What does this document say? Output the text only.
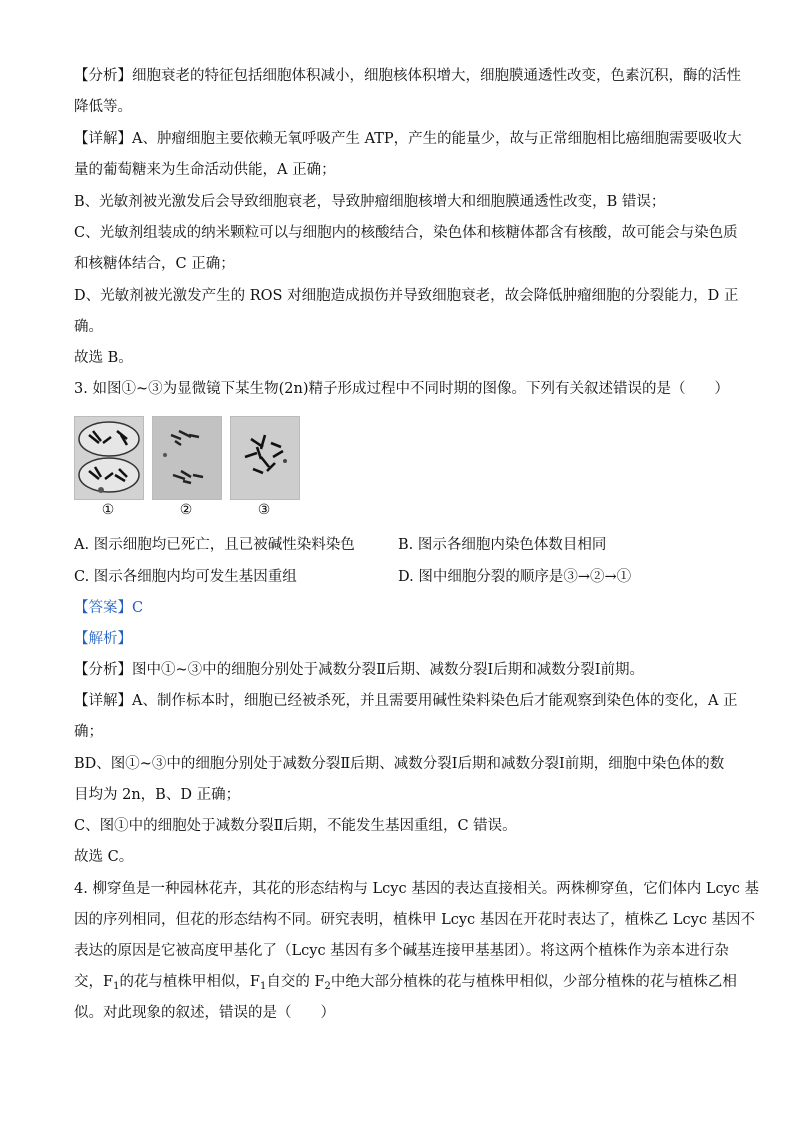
【分析】细胞衰老的特征包括细胞体积减小，细胞核体积增大，细胞膜通透性改变，色素沉积，酶的活性
降低等。
【详解】A、肿瘤细胞主要依赖无氧呼吸产生 ATP，产生的能量少，故与正常细胞相比癌细胞需要吸收大
量的葡萄糖来为生命活动供能，A 正确；
B、光敏剂被光激发后会导致细胞衰老，导致肿瘤细胞核增大和细胞膜通透性改变，B 错误；
C、光敏剂组装成的纳米颗粒可以与细胞内的核酸结合，染色体和核糖体都含有核酸，故可能会与染色质
和核糖体结合，C 正确；
D、光敏剂被光激发产生的 ROS 对细胞造成损伤并导致细胞衰老，故会降低肿瘤细胞的分裂能力，D 正
确。
故选 B。
3. 如图①~③为显微镜下某生物(2n)精子形成过程中不同时期的图像。下列有关叙述错误的是（　　）
①	②	③
A. 图示细胞均已死亡，且已被碱性染料染色	B. 图示各细胞内染色体数目相同
C. 图示各细胞内均可发生基因重组	D. 图中细胞分裂的顺序是③→②→①
【答案】C
【解析】
【分析】图中①~③中的细胞分别处于减数分裂Ⅱ后期、减数分裂Ⅰ后期和减数分裂Ⅰ前期。
【详解】A、制作标本时，细胞已经被杀死，并且需要用碱性染料染色后才能观察到染色体的变化，A 正
确；
BD、图①~③中的细胞分别处于减数分裂Ⅱ后期、减数分裂Ⅰ后期和减数分裂Ⅰ前期，细胞中染色体的数
目均为 2n，B、D 正确；
C、图①中的细胞处于减数分裂Ⅱ后期，不能发生基因重组，C 错误。
故选 C。
4. 柳穿鱼是一种园林花卉，其花的形态结构与 Lcyc 基因的表达直接相关。两株柳穿鱼，它们体内 Lcyc 基
因的序列相同，但花的形态结构不同。研究表明，植株甲 Lcyc 基因在开花时表达了，植株乙 Lcyc 基因不
表达的原因是它被高度甲基化了（Lcyc 基因有多个碱基连接甲基基团）。将这两个植株作为亲本进行杂
交，$F_1$的花与植株甲相似，$F_1$自交的 $F_2$中绝大部分植株的花与植株甲相似，少部分植株的花与植株乙相
似。对此现象的叙述，错误的是（　　）
